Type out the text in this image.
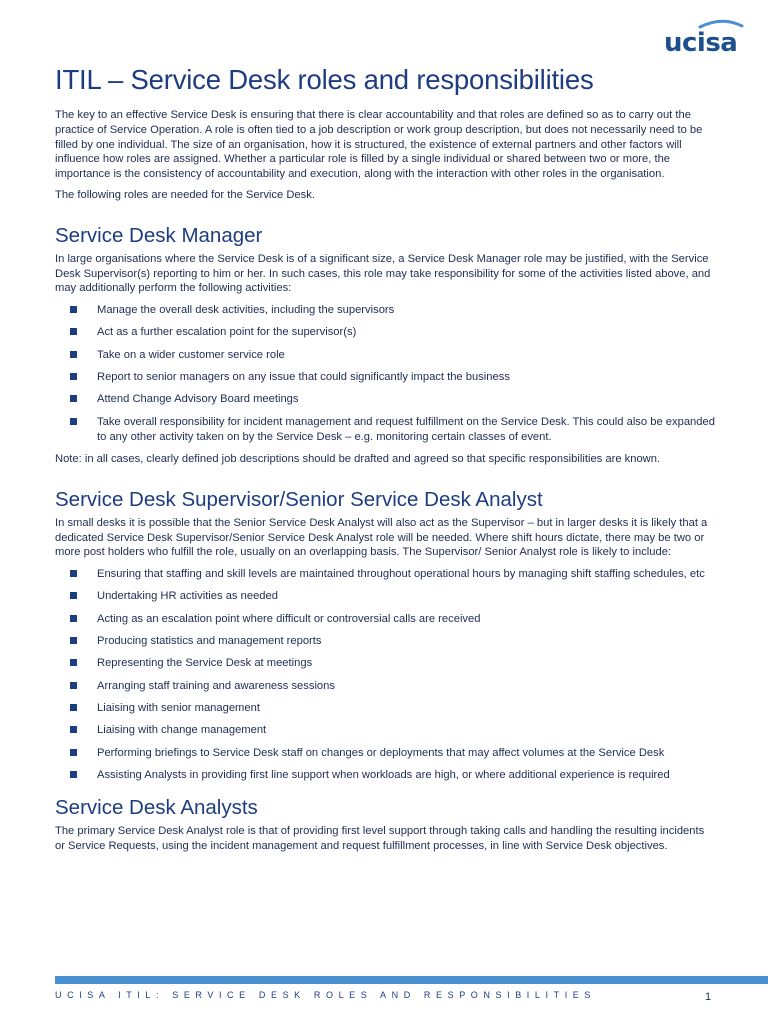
ucisa
ITIL – Service Desk roles and responsibilities

The key to an effective Service Desk is ensuring that there is clear accountability and that roles are defined so as to carry out the practice of Service Operation. A role is often tied to a job description or work group description, but does not necessarily need to be filled by one individual. The size of an organisation, how it is structured, the existence of external partners and other factors will influence how roles are assigned. Whether a particular role is filled by a single individual or shared between two or more, the importance is the consistency of accountability and execution, along with the interaction with other roles in the organisation.

The following roles are needed for the Service Desk.

Service Desk Manager

In large organisations where the Service Desk is of a significant size, a Service Desk Manager role may be justified, with the Service Desk Supervisor(s) reporting to him or her. In such cases, this role may take responsibility for some of the activities listed above, and may additionally perform the following activities:

Manage the overall desk activities, including the supervisors
Act as a further escalation point for the supervisor(s)
Take on a wider customer service role
Report to senior managers on any issue that could significantly impact the business
Attend Change Advisory Board meetings
Take overall responsibility for incident management and request fulfillment on the Service Desk. This could also be expanded to any other activity taken on by the Service Desk – e.g. monitoring certain classes of event.

Note: in all cases, clearly defined job descriptions should be drafted and agreed so that specific responsibilities are known.

Service Desk Supervisor/Senior Service Desk Analyst

In small desks it is possible that the Senior Service Desk Analyst will also act as the Supervisor – but in larger desks it is likely that a dedicated Service Desk Supervisor/Senior Service Desk Analyst role will be needed. Where shift hours dictate, there may be two or more post holders who fulfill the role, usually on an overlapping basis. The Supervisor/ Senior Analyst role is likely to include:

Ensuring that staffing and skill levels are maintained throughout operational hours by managing shift staffing schedules, etc
Undertaking HR activities as needed
Acting as an escalation point where difficult or controversial calls are received
Producing statistics and management reports
Representing the Service Desk at meetings
Arranging staff training and awareness sessions
Liaising with senior management
Liaising with change management
Performing briefings to Service Desk staff on changes or deployments that may affect volumes at the Service Desk
Assisting Analysts in providing first line support when workloads are high, or where additional experience is required
Service Desk Analysts

The primary Service Desk Analyst role is that of providing first level support through taking calls and handling the resulting incidents or Service Requests, using the incident management and request fulfillment processes, in line with Service Desk objectives.

UCISA ITIL: SERVICE DESK ROLES AND RESPONSIBILITIES	1
